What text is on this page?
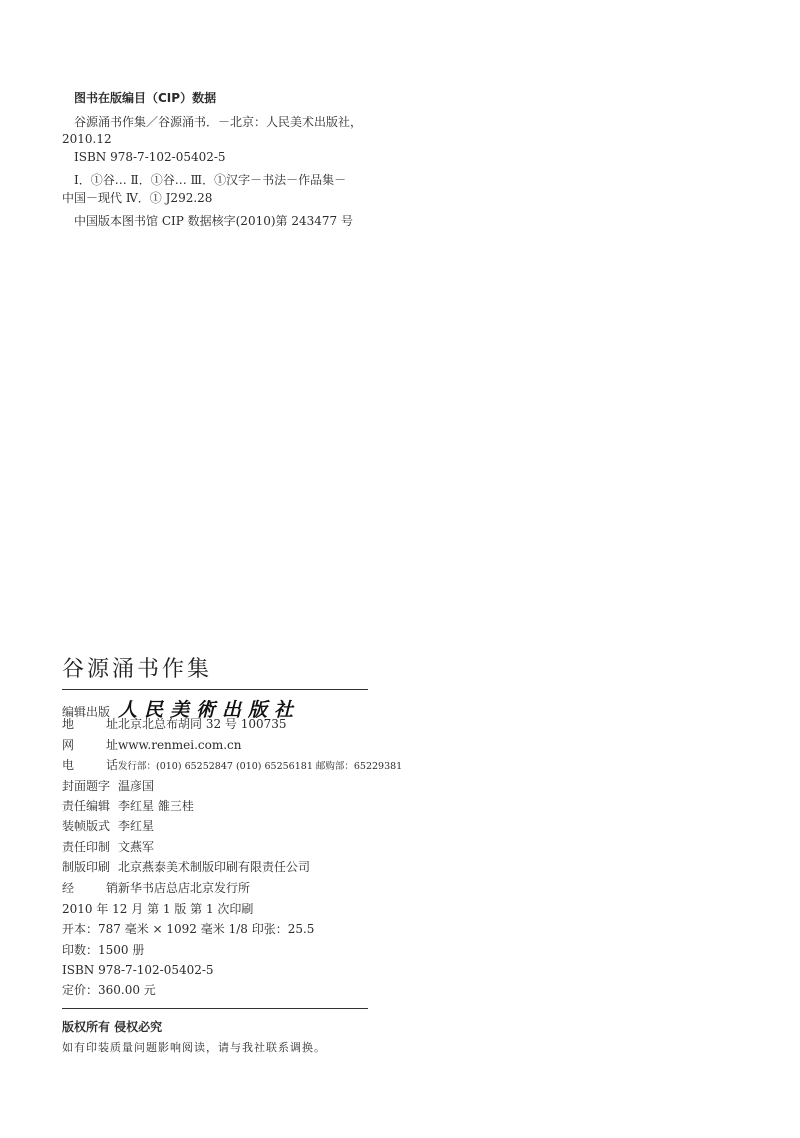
图书在版编目（CIP）数据
谷源涌书作集／谷源涌书．－北京：人民美术出版社，
2010.12
ISBN 978-7-102-05402-5
Ⅰ．①谷… Ⅱ．①谷… Ⅲ．①汉字－书法－作品集－
中国－现代 Ⅳ．① J292.28
中国版本图书馆 CIP 数据核字(2010)第 243477 号
谷源涌书作集
编辑出版 人民美術出版社
地	址 北京北总布胡同 32 号 100735
网	址 www.renmei.com.cn
电	话 发行部：(010) 65252847 (010) 65256181 邮购部：65229381
封面题字 温彦国
责任编辑 李红星 雒三桂
装帧版式 李红星
责任印制 文燕军
制版印刷 北京燕泰美术制版印刷有限责任公司
经	销 新华书店总店北京发行所
2010 年 12 月 第 1 版 第 1 次印刷
开本：787 毫米 × 1092 毫米 1/8 印张：25.5
印数：1500 册
ISBN 978-7-102-05402-5
定价：360.00 元
版权所有 侵权必究
如有印装质量问题影响阅读，请与我社联系调换。
